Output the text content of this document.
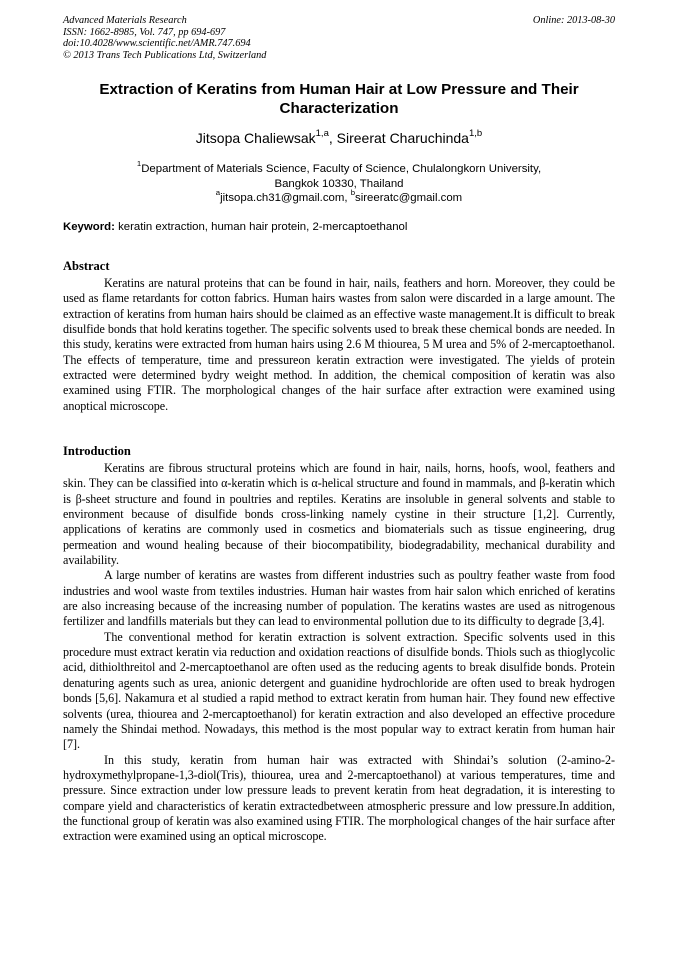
Advanced Materials Research
ISSN: 1662-8985, Vol. 747, pp 694-697
doi:10.4028/www.scientific.net/AMR.747.694
© 2013 Trans Tech Publications Ltd, Switzerland
Online: 2013-08-30
Extraction of Keratins from Human Hair at Low Pressure and Their
Characterization
Jitsopa Chaliewsak$^{1,a}$, Sireerat Charuchinda$^{1,b}$
$^1$Department of Materials Science, Faculty of Science, Chulalongkorn University,
Bangkok 10330, Thailand
$^a$jitsopa.ch31@gmail.com, $^b$sireeratc@gmail.com
Keyword: keratin extraction, human hair protein, 2-mercaptoethanol
Abstract

Keratins are natural proteins that can be found in hair, nails, feathers and horn. Moreover, they could be used as flame retardants for cotton fabrics. Human hairs wastes from salon were discarded in a large amount. The extraction of keratins from human hairs should be claimed as an effective waste management.It is difficult to break disulfide bonds that hold keratins together. The specific solvents used to break these chemical bonds are needed. In this study, keratins were extracted from human hairs using 2.6 M thiourea, 5 M urea and 5% of 2-mercaptoethanol. The effects of temperature, time and pressureon keratin extraction were investigated. The yields of protein extracted were determined bydry weight method. In addition, the chemical composition of keratin was also examined using FTIR. The morphological changes of the hair surface after extraction were examined using anoptical microscope.

Introduction

Keratins are fibrous structural proteins which are found in hair, nails, horns, hoofs, wool, feathers and skin. They can be classified into α-keratin which is α-helical structure and found in mammals, and β-keratin which is β-sheet structure and found in poultries and reptiles. Keratins are insoluble in general solvents and stable to environment because of disulfide bonds cross-linking namely cystine in their structure [1,2]. Currently, applications of keratins are commonly used in cosmetics and biomaterials such as tissue engineering, drug permeation and wound healing because of their biocompatibility, biodegradability, mechanical durability and availability.

A large number of keratins are wastes from different industries such as poultry feather waste from food industries and wool waste from textiles industries. Human hair wastes from hair salon which enriched of keratins are also increasing because of the increasing number of population. The keratins wastes are used as nitrogenous fertilizer and landfills materials but they can lead to environmental pollution due to its difficulty to degrade [3,4].

The conventional method for keratin extraction is solvent extraction. Specific solvents used in this procedure must extract keratin via reduction and oxidation reactions of disulfide bonds. Thiols such as thioglycolic acid, dithiolthreitol and 2-mercaptoethanol are often used as the reducing agents to break disulfide bonds. Protein denaturing agents such as urea, anionic detergent and guanidine hydrochloride are often used to break hydrogen bonds [5,6]. Nakamura et al studied a rapid method to extract keratin from human hair. They found new effective solvents (urea, thiourea and 2-mercaptoethanol) for keratin extraction and also developed an effective procedure namely the Shindai method. Nowadays, this method is the most popular way to extract keratin from human hair [7].

In this study, keratin from human hair was extracted with Shindai’s solution (2-amino-2-hydroxymethylpropane-1,3-diol(Tris), thiourea, urea and 2-mercaptoethanol) at various temperatures, time and pressure. Since extraction under low pressure leads to prevent keratin from heat degradation, it is interesting to compare yield and characteristics of keratin extractedbetween atmospheric pressure and low pressure.In addition, the functional group of keratin was also examined using FTIR. The morphological changes of the hair surface after extraction were examined using an optical microscope.
